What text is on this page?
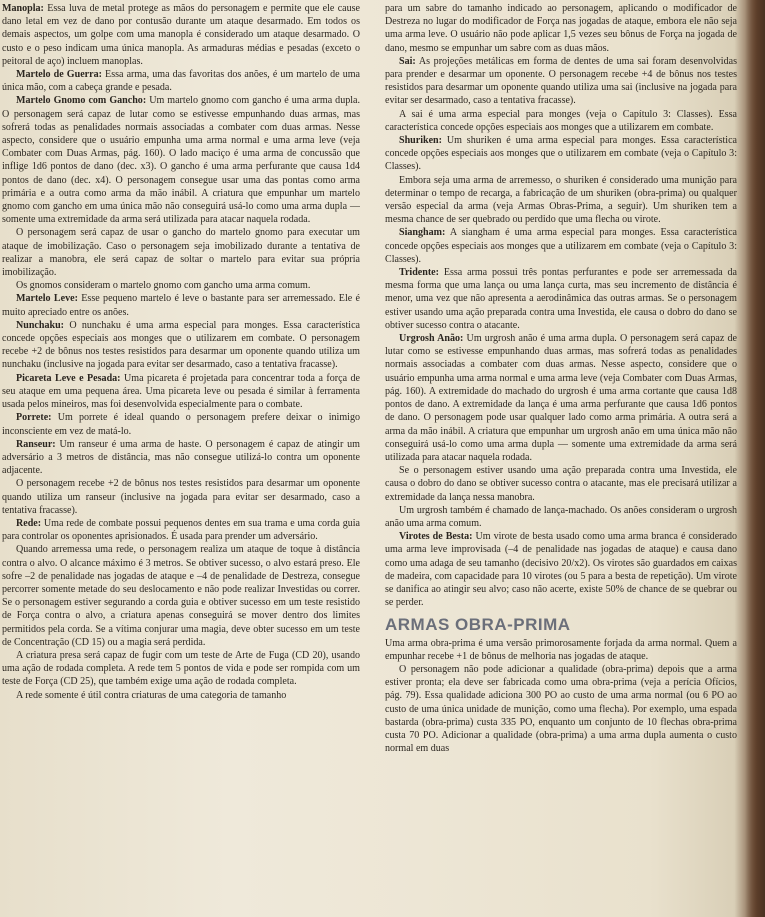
Manopla: Essa luva de metal protege as mãos do personagem e permite que ele cause dano letal em vez de dano por contusão durante um ataque desarmado. Em todos os demais aspectos, um golpe com uma manopla é considerado um ataque desarmado. O custo e o peso indicam uma única manopla. As armaduras médias e pesadas (exceto o peitoral de aço) incluem manoplas.

Martelo de Guerra: Essa arma, uma das favoritas dos anões, é um martelo de uma única mão, com a cabeça grande e pesada.

Martelo Gnomo com Gancho: Um martelo gnomo com gancho é uma arma dupla. O personagem será capaz de lutar como se estivesse empunhando duas armas, mas sofrerá todas as penalidades normais associadas a combater com duas armas. Nesse aspecto, considere que o usuário empunha uma arma normal e uma arma leve (veja Combater com Duas Armas, pág. 160). O lado maciço é uma arma de concussão que inflige 1d6 pontos de dano (dec. x3). O gancho é uma arma perfurante que causa 1d4 pontos de dano (dec. x4). O personagem consegue usar uma das pontas como arma primária e a outra como arma da mão inábil. A criatura que empunhar um martelo gnomo com gancho em uma única mão não conseguirá usá-lo como uma arma dupla — somente uma extremidade da arma será utilizada para atacar naquela rodada.

O personagem será capaz de usar o gancho do martelo gnomo para executar um ataque de imobilização. Caso o personagem seja imobilizado durante a tentativa de realizar a manobra, ele será capaz de soltar o martelo para evitar sua própria imobilização.

Os gnomos consideram o martelo gnomo com gancho uma arma comum.

Martelo Leve: Esse pequeno martelo é leve o bastante para ser arremessado. Ele é muito apreciado entre os anões.

Nunchaku: O nunchaku é uma arma especial para monges. Essa característica concede opções especiais aos monges que o utilizarem em combate. O personagem recebe +2 de bônus nos testes resistidos para desarmar um oponente quando utiliza um nunchaku (inclusive na jogada para evitar ser desarmado, caso a tentativa fracasse).

Picareta Leve e Pesada: Uma picareta é projetada para concentrar toda a força de seu ataque em uma pequena área. Uma picareta leve ou pesada é similar à ferramenta usada pelos mineiros, mas foi desenvolvida especialmente para o combate.

Porrete: Um porrete é ideal quando o personagem prefere deixar o inimigo inconsciente em vez de matá-lo.

Ranseur: Um ranseur é uma arma de haste. O personagem é capaz de atingir um adversário a 3 metros de distância, mas não consegue utilizá-lo contra um oponente adjacente.

O personagem recebe +2 de bônus nos testes resistidos para desarmar um oponente quando utiliza um ranseur (inclusive na jogada para evitar ser desarmado, caso a tentativa fracasse).

Rede: Uma rede de combate possui pequenos dentes em sua trama e uma corda guia para controlar os oponentes aprisionados. É usada para prender um adversário.

Quando arremessa uma rede, o personagem realiza um ataque de toque à distância contra o alvo. O alcance máximo é 3 metros. Se obtiver sucesso, o alvo estará preso. Ele sofre –2 de penalidade nas jogadas de ataque e –4 de penalidade de Destreza, consegue percorrer somente metade do seu deslocamento e não pode realizar Investidas ou correr. Se o personagem estiver segurando a corda guia e obtiver sucesso em um teste resistido de Força contra o alvo, a criatura apenas conseguirá se mover dentro dos limites permitidos pela corda. Se a vítima conjurar uma magia, deve obter sucesso em um teste de Concentração (CD 15) ou a magia será perdida.

A criatura presa será capaz de fugir com um teste de Arte de Fuga (CD 20), usando uma ação de rodada completa. A rede tem 5 pontos de vida e pode ser rompida com um teste de Força (CD 25), que também exige uma ação de rodada completa.

A rede somente é útil contra criaturas de uma categoria de tamanho

para um sabre do tamanho indicado ao personagem, aplicando o modificador de Destreza no lugar do modificador de Força nas jogadas de ataque, embora ele não seja uma arma leve. O usuário não pode aplicar 1,5 vezes seu bônus de Força na jogada de dano, mesmo se empunhar um sabre com as duas mãos.

Sai: As projeções metálicas em forma de dentes de uma sai foram desenvolvidas para prender e desarmar um oponente. O personagem recebe +4 de bônus nos testes resistidos para desarmar um oponente quando utiliza uma sai (inclusive na jogada para evitar ser desarmado, caso a tentativa fracasse).

A sai é uma arma especial para monges (veja o Capítulo 3: Classes). Essa característica concede opções especiais aos monges que a utilizarem em combate.

Shuriken: Um shuriken é uma arma especial para monges. Essa característica concede opções especiais aos monges que o utilizarem em combate (veja o Capítulo 3: Classes).

Embora seja uma arma de arremesso, o shuriken é considerado uma munição para determinar o tempo de recarga, a fabricação de um shuriken (obra-prima) ou qualquer versão especial da arma (veja Armas Obras-Prima, a seguir). Um shuriken tem a mesma chance de ser quebrado ou perdido que uma flecha ou virote.

Siangham: A siangham é uma arma especial para monges. Essa característica concede opções especiais aos monges que a utilizarem em combate (veja o Capítulo 3: Classes).

Tridente: Essa arma possui três pontas perfurantes e pode ser arremessada da mesma forma que uma lança ou uma lança curta, mas seu incremento de distância é menor, uma vez que não apresenta a aerodinâmica das outras armas. Se o personagem estiver usando uma ação preparada contra uma Investida, ele causa o dobro do dano se obtiver sucesso contra o atacante.

Urgrosh Anão: Um urgrosh anão é uma arma dupla. O personagem será capaz de lutar como se estivesse empunhando duas armas, mas sofrerá todas as penalidades normais associadas a combater com duas armas. Nesse aspecto, considere que o usuário empunha uma arma normal e uma arma leve (veja Combater com Duas Armas, pág. 160). A extremidade do machado do urgrosh é uma arma cortante que causa 1d8 pontos de dano. A extremidade da lança é uma arma perfurante que causa 1d6 pontos de dano. O personagem pode usar qualquer lado como arma primária. A outra será a arma da mão inábil. A criatura que empunhar um urgrosh anão em uma única mão não conseguirá usá-lo como uma arma dupla — somente uma extremidade da arma será utilizada para atacar naquela rodada.

Se o personagem estiver usando uma ação preparada contra uma Investida, ele causa o dobro do dano se obtiver sucesso contra o atacante, mas ele precisará utilizar a extremidade da lança nessa manobra.

Um urgrosh também é chamado de lança-machado. Os anões consideram o urgrosh anão uma arma comum.

Virotes de Besta: Um virote de besta usado como uma arma branca é considerado uma arma leve improvisada (–4 de penalidade nas jogadas de ataque) e causa dano como uma adaga de seu tamanho (decisivo 20/x2). Os virotes são guardados em caixas de madeira, com capacidade para 10 virotes (ou 5 para a besta de repetição). Um virote se danifica ao atingir seu alvo; caso não acerte, existe 50% de chance de se quebrar ou se perder.

ARMAS OBRA-PRIMA

Uma arma obra-prima é uma versão primorosamente forjada da arma normal. Quem a empunhar recebe +1 de bônus de melhoria nas jogadas de ataque.

O personagem não pode adicionar a qualidade (obra-prima) depois que a arma estiver pronta; ela deve ser fabricada como uma obra-prima (veja a perícia Ofícios, pág. 79). Essa qualidade adiciona 300 PO ao custo de uma arma normal (ou 6 PO ao custo de uma única unidade de munição, como uma flecha). Por exemplo, uma espada bastarda (obra-prima) custa 335 PO, enquanto um conjunto de 10 flechas obra-prima custa 70 PO. Adicionar a qualidade (obra-prima) a uma arma dupla aumenta o custo normal em duas
